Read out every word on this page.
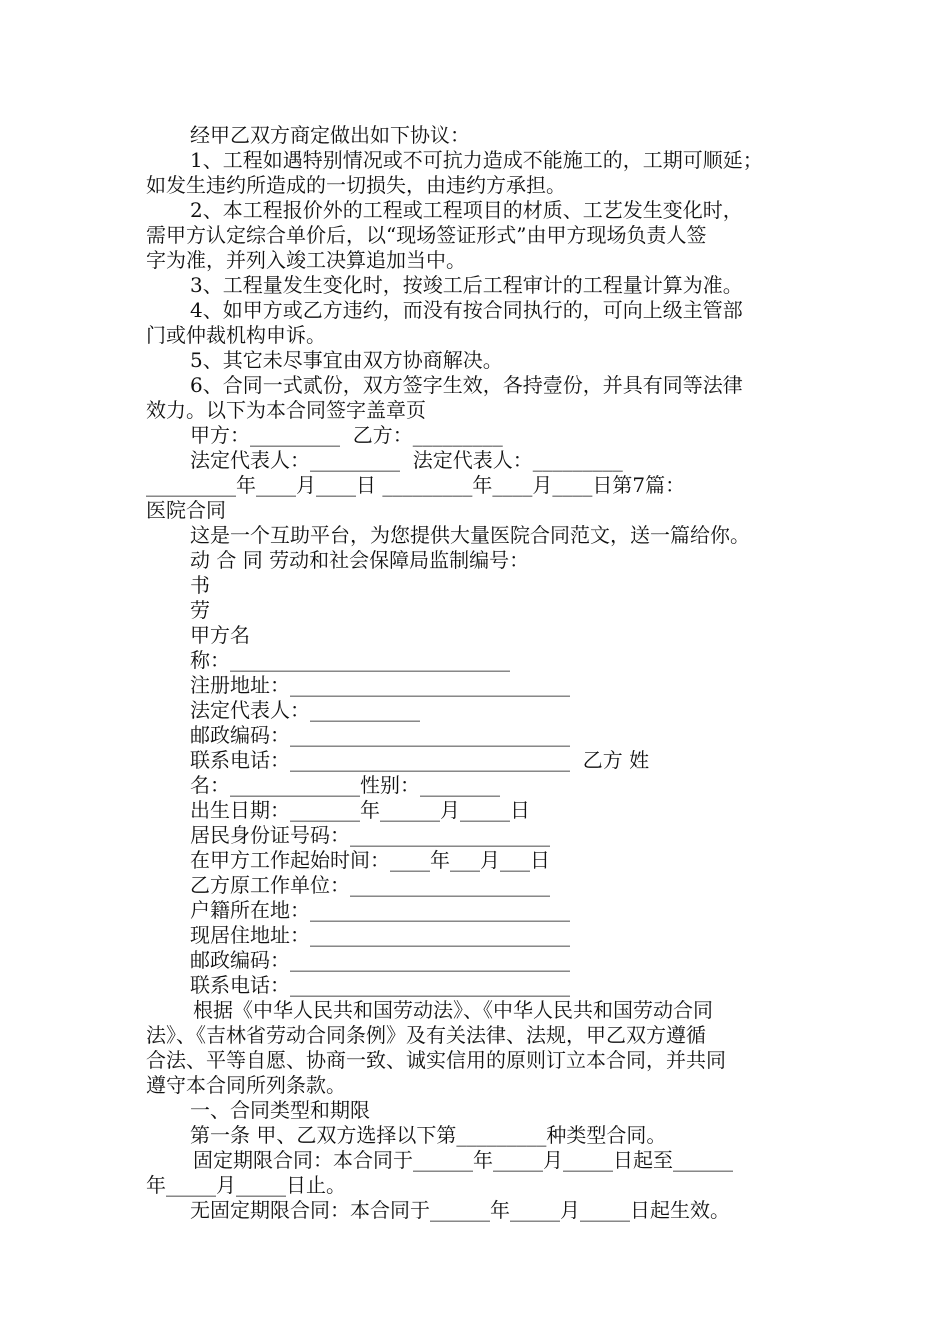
经甲乙双方商定做出如下协议：
1、工程如遇特别情况或不可抗力造成不能施工的，工期可顺延；
如发生违约所造成的一切损失，由违约方承担。
2、本工程报价外的工程或工程项目的材质、工艺发生变化时，
需甲方认定综合单价后，以“现场签证形式”由甲方现场负责人签
字为准，并列入竣工决算追加当中。
3、工程量发生变化时，按竣工后工程审计的工程量计算为准。
4、如甲方或乙方违约，而没有按合同执行的，可向上级主管部
门或仲裁机构申诉。
5、其它未尽事宜由双方协商解决。
6、合同一式贰份，双方签字生效，各持壹份，并具有同等法律
效力。以下为本合同签字盖章页
甲方：_________  乙方：_________
法定代表人：_________  法定代表人：_________
_________年____月____日 _________年____月____日第7篇：
医院合同
这是一个互助平台，为您提供大量医院合同范文，送一篇给你。
动 合 同 劳动和社会保障局监制编号：
书
劳
甲方名
称：____________________________
注册地址：____________________________
法定代表人：___________
邮政编码：____________________________
联系电话：____________________________  乙方 姓
名：_____________性别：________
出生日期：_______年______月_____日
居民身份证号码：____________________
在甲方工作起始时间：____年___月___日
乙方原工作单位：____________________
户籍所在地：__________________________
现居住地址：__________________________
邮政编码：____________________________
联系电话：____________________________
根据《中华人民共和国劳动法》、《中华人民共和国劳动合同
法》、《吉林省劳动合同条例》及有关法律、法规，甲乙双方遵循
合法、平等自愿、协商一致、诚实信用的原则订立本合同，并共同
遵守本合同所列条款。
一、合同类型和期限
第一条 甲、乙双方选择以下第_________种类型合同。
固定期限合同：本合同于______年_____月_____日起至______
年_____月_____日止。
无固定期限合同：本合同于______年_____月_____日起生效。
